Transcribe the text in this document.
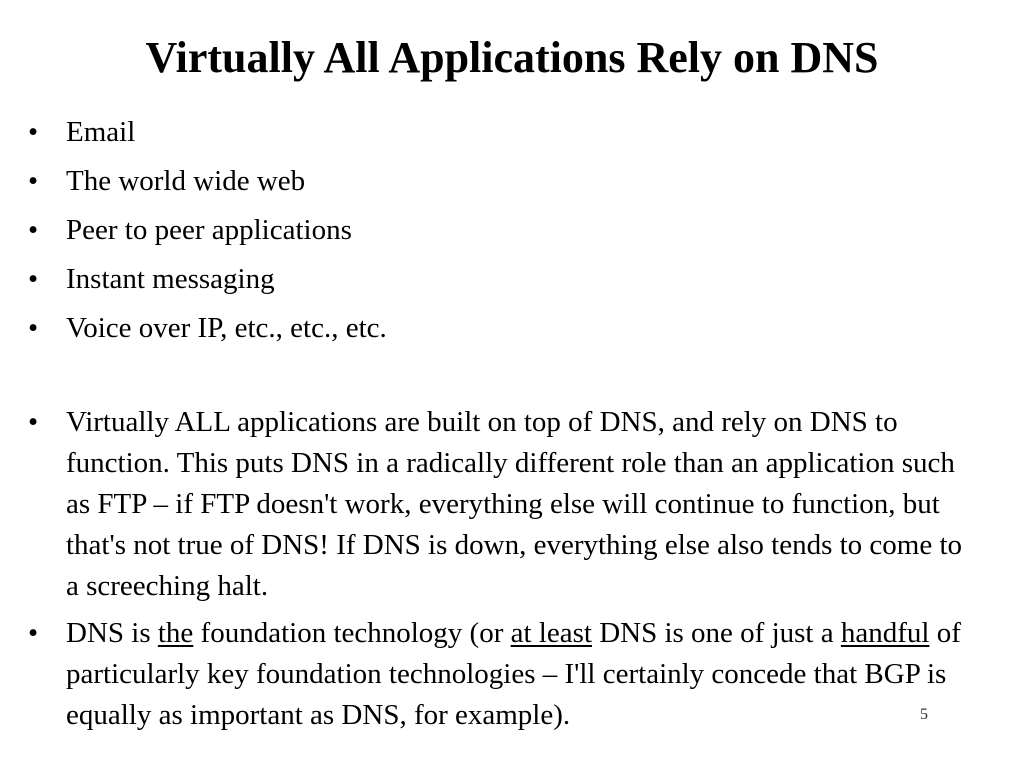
Virtually All Applications Rely on DNS
• Email
• The world wide web
• Peer to peer applications
• Instant messaging
• Voice over IP, etc., etc., etc.
• Virtually ALL applications are built on top of DNS, and rely on DNS to function. This puts DNS in a radically different role than an application such as FTP – if FTP doesn't work, everything else will continue to function, but that's not true of DNS! If DNS is down, everything else also tends to come to a screeching halt.
• DNS is the foundation technology (or at least DNS is one of just a handful of particularly key foundation technologies – I'll certainly concede that BGP is equally as important as DNS, for example).	5
